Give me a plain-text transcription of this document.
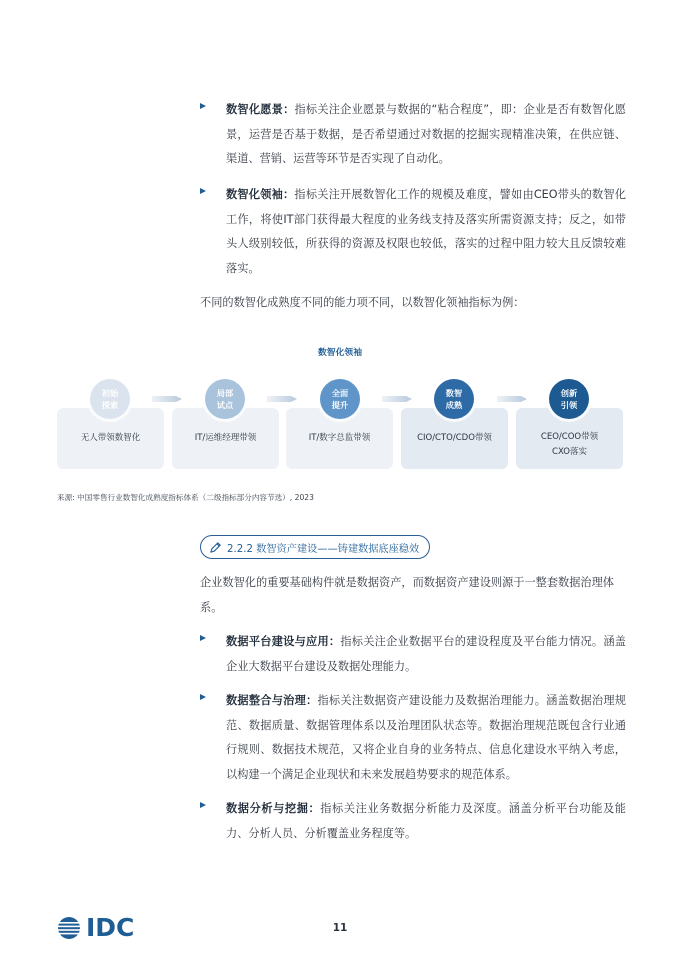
数智化愿景：指标关注企业愿景与数据的“粘合程度”，即：企业是否有数智化愿景，运营是否基于数据，是否希望通过对数据的挖掘实现精准决策，在供应链、渠道、营销、运营等环节是否实现了自动化。
数智化领袖：指标关注开展数智化工作的规模及难度，譬如由CEO带头的数智化工作，将使IT部门获得最大程度的业务线支持及落实所需资源支持；反之，如带头人级别较低，所获得的资源及权限也较低，落实的过程中阻力较大且反馈较难落实。
不同的数智化成熟度不同的能力项不同，以数智化领袖指标为例：
数智化领袖
无人带领数智化	IT/运维经理带领	IT/数字总监带领	CIO/CTO/CDO带领	CEO/COO带领
CXO落实
初始
探索
局部
试点
全面
提升
数智
成熟
创新
引领
来源: 中国零售行业数智化成熟度指标体系（二级指标部分内容节选）, 2023
2.2.2 数智资产建设——铸建数据底座稳效
企业数智化的重要基础构件就是数据资产，而数据资产建设则源于一整套数据治理体系。
数据平台建设与应用：指标关注企业数据平台的建设程度及平台能力情况。涵盖企业大数据平台建设及数据处理能力。
数据整合与治理：指标关注数据资产建设能力及数据治理能力。涵盖数据治理规范、数据质量、数据管理体系以及治理团队状态等。数据治理规范既包含行业通行规则、数据技术规范，又将企业自身的业务特点、信息化建设水平纳入考虑，以构建一个满足企业现状和未来发展趋势要求的规范体系。
数据分析与挖掘：指标关注业务数据分析能力及深度。涵盖分析平台功能及能力、分析人员、分析覆盖业务程度等。
IDC	11
